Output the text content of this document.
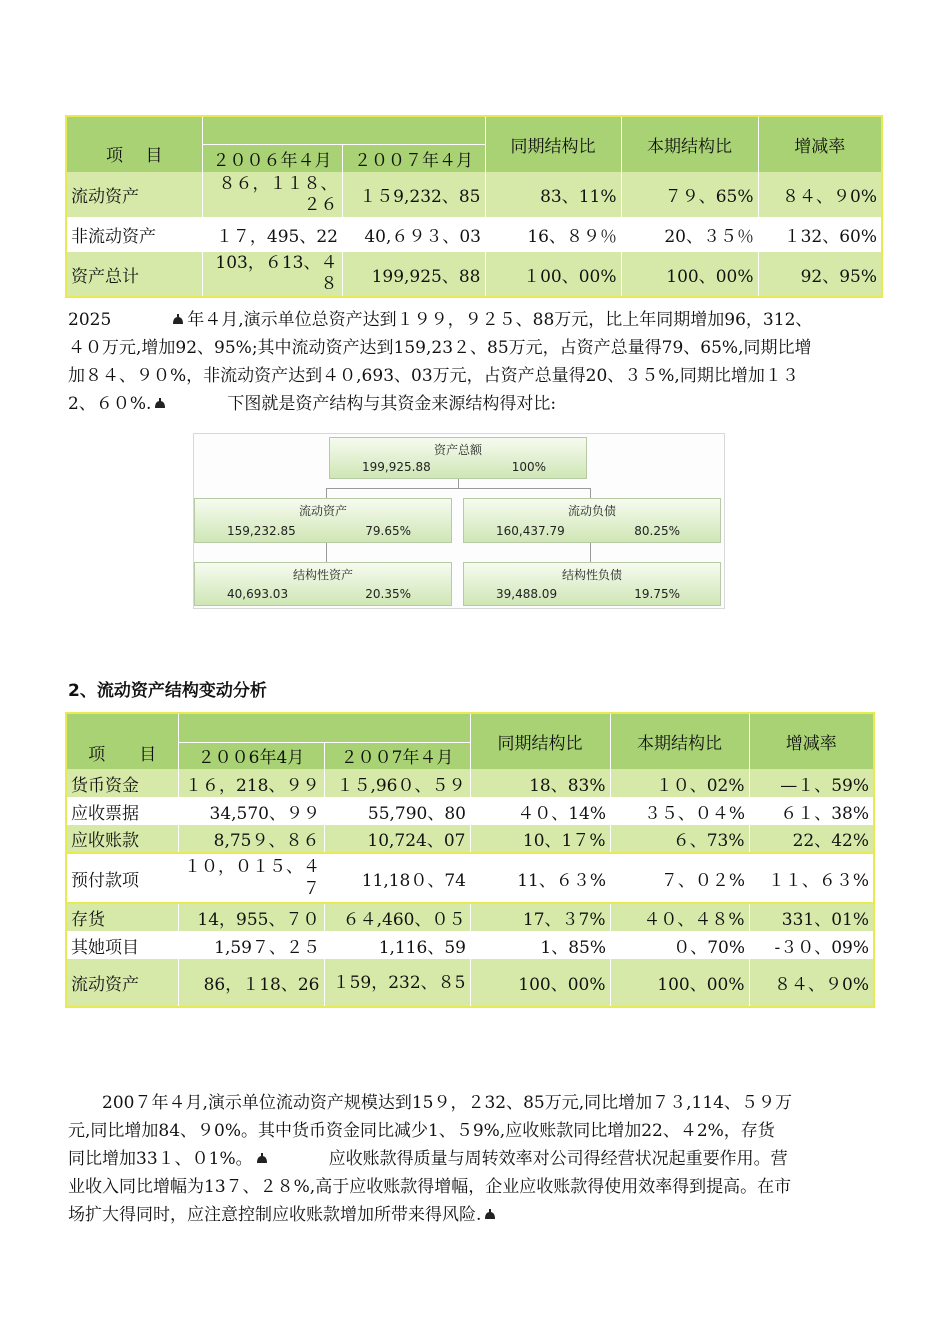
项　 目			同期结构比	本期结构比	增减率
	２００６年４月	２００７年４月			
流动资产	８６，１１８、２６	１５9,232、85	83、11%	７９、65%	８４、９0%
非流动资产	１７，495、22	40,６９３、03	16、８９％	20、３５％	１32、60%
资产总计	103，６13、４８	199,925、88	１00、00%	100、00%	92、95%

2025	年４月,演示单位总资产达到１９９，９２５、88万元，比上年同期增加96，312、

４０万元,增加92、95%;其中流动资产达到159,23２、85万元，占资产总量得79、65%,同期比增

加８４、９０%，非流动资产达到４０,693、03万元，占资产总量得20、３５%,同期比增加１３

2、６０%.	下图就是资产结构与其资金来源结构得对比:

资产总额
199,925.88	100%
流动资产
159,232.85	79.65%
流动负债
160,437.79	80.25%
结构性资产
40,693.03	20.35%
结构性负债
39,488.09	19.75%
2、流动资产结构变动分析
项　　目			同期结构比	本期结构比	增减率
	２００6年4月	２００7年４月			
货币资金	１６，218、９９	１５,96０、５９	18、83%	１０、02%	—１、59%
应收票据	34,570、９９	55,790、80	４０、14%	３５、０４%	６１、38%
应收账款	8,75９、８６	10,724、07	10、1７%	６、73%	22、42%
预付款项	１０，０１５、４７	11,18０、74	11、６３%	７、０２%	１１、６３%
存货	14，955、７０	６４,460、０５	17、３7%	４０、４８%	331、01%
其她项目	1,59７、２５	1,116、59	1、85%	０、70%	-３０、09%
流动资产	86，１18、26	１59，232、８5	100、00%	100、00%	８４、９0%

200７年４月,演示单位流动资产规模达到15９，２32、85万元,同比增加７３,114、５９万

元,同比增加84、９0%。其中货币资金同比减少1、５9%,应收账款同比增加22、４2%，存货

同比增加33１、０1%。	应收账款得质量与周转效率对公司得经营状况起重要作用。营

业收入同比增幅为13７、２８%,高于应收账款得增幅，企业应收账款得使用效率得到提高。在市

场扩大得同时，应注意控制应收账款增加所带来得风险.
